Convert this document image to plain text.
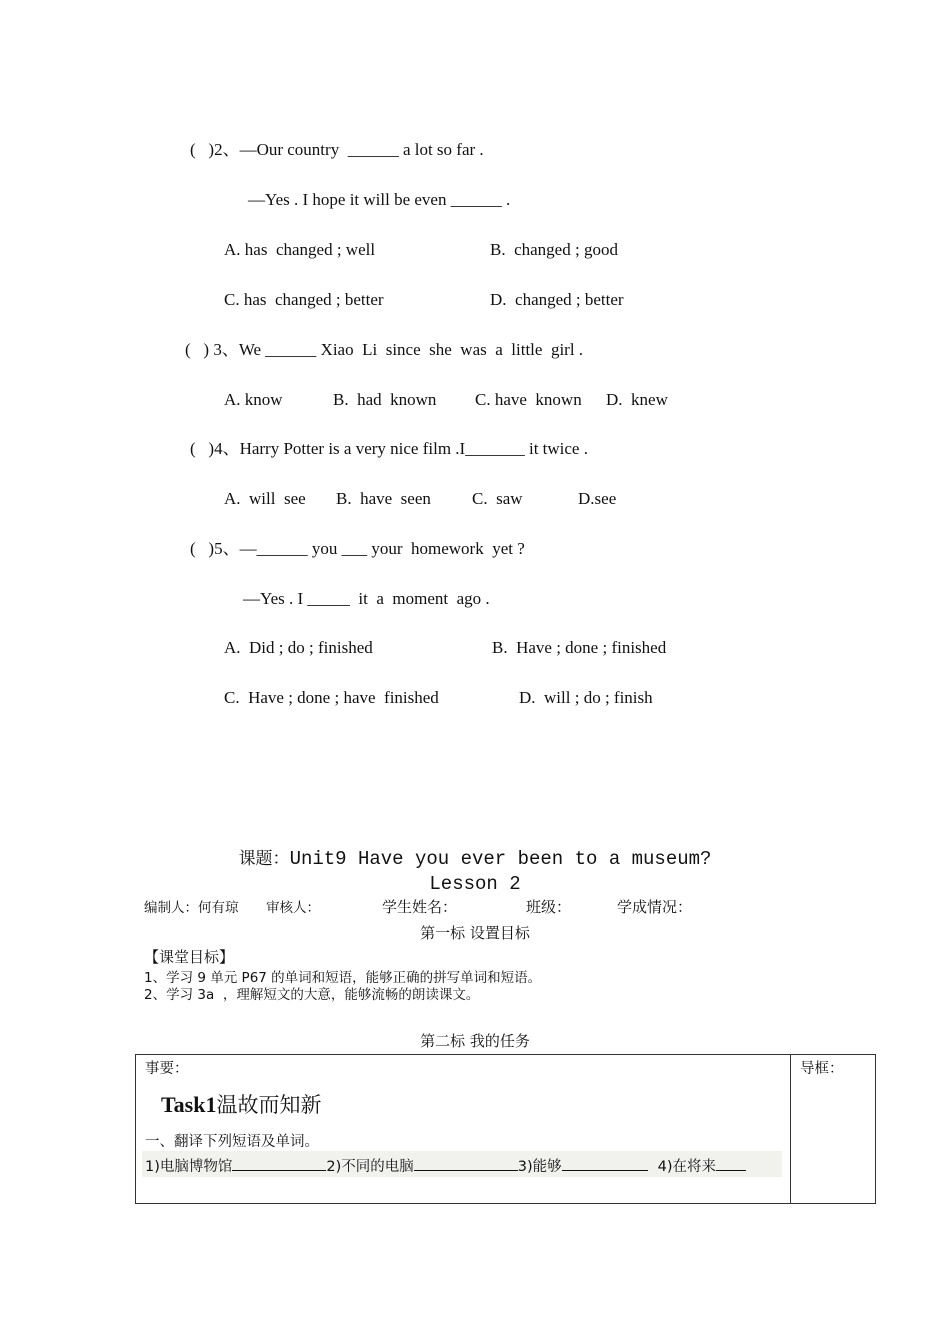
(   )2、—Our country  ______ a lot so far .
—Yes . I hope it will be even ______ .
A. has  changed ; well	B.  changed ; good
C. has  changed ; better	D.  changed ; better
(   ) 3、We ______ Xiao  Li  since  she  was  a  little  girl .
A. know	B.  had  known C. have  known D.  knew
(   )4、Harry Potter is a very nice film .I_______ it twice .
A.  will  see B.  have  seen C.  saw	D.see
(   )5、—______ you ___ your  homework  yet ?
—Yes . I _____  it  a  moment  ago .
A.  Did ; do ; finished	B.  Have ; done ; finished
C.  Have ; done ; have  finished	D.  will ; do ; finish
课题：Unit9 Have you ever been to a museum?
Lesson 2
编制人：何有琼 审核人：	学生姓名：	班级：	学成情况：
第一标 设置目标
【课堂目标】
1、学习 9 单元 P67 的单词和短语，能够正确的拼写单词和短语。
2、学习 3a  ，理解短文的大意，能够流畅的朗读课文。
第二标 我的任务
事要：	导框：
Task1温故而知新
一、翻译下列短语及单词。
1)电脑博物馆	2)不同的电脑	3)能够	4)在将来
